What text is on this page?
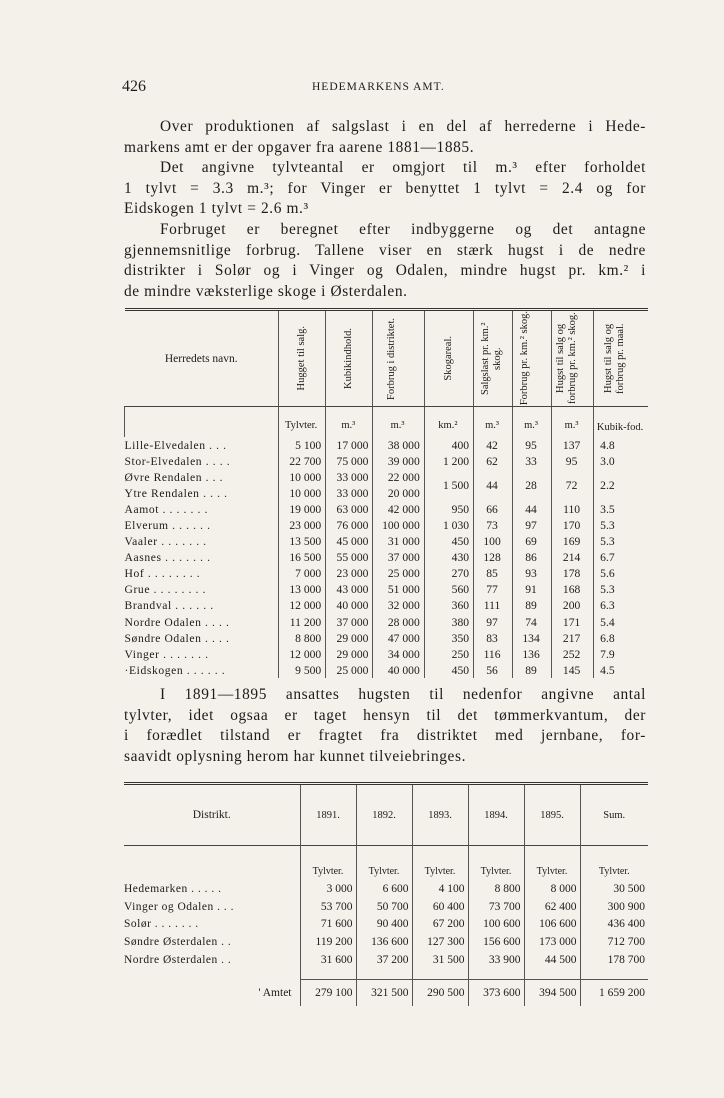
426	HEDEMARKENS AMT.
Over produktionen af salgslast i en del af herrederne i Hede-
markens amt er der opgaver fra aarene 1881—1885.
Det angivne tylvteantal er omgjort til m.³ efter forholdet
1 tylvt = 3.3 m.³; for Vinger er benyttet 1 tylvt = 2.4 og for
Eidskogen 1 tylvt = 2.6 m.³
Forbruget er beregnet efter indbyggerne og det antagne
gjennemsnitlige forbrug. Tallene viser en stærk hugst i de nedre
distrikter i Solør og i Vinger og Odalen, mindre hugst pr. km.² i
de mindre væksterlige skoge i Østerdalen.
Herredets navn.	Hugget til salg.	Kubikindhold.	Forbrug i distriktet.	Skogareal.	Salgslast pr. km.² skog.	Forbrug pr. km.² skog.	Hugst til salg og forbrug pr. km.² skog.	Hugst til salg og forbrug pr. maal.

	Tylvter.	m.³	m.³	km.²	m.³	m.³	m.³	Kubik-fod.
Lille-Elvedalen . . .	5 100	17 000	38 000	400	42	95	137	4.8
Stor-Elvedalen . . . .	22 700	75 000	39 000	1 200	62	33	95	3.0
Øvre Rendalen . . .	10 000	33 000	22 000	1 500	44	28	72	2.2
Ytre Rendalen . . . .	10 000	33 000	20 000					
Aamot . . . . . . .	19 000	63 000	42 000	950	66	44	110	3.5
Elverum . . . . . .	23 000	76 000	100 000	1 030	73	97	170	5.3
Vaaler . . . . . . .	13 500	45 000	31 000	450	100	69	169	5.3
Aasnes . . . . . . .	16 500	55 000	37 000	430	128	86	214	6.7
Hof . . . . . . . .	7 000	23 000	25 000	270	85	93	178	5.6
Grue . . . . . . . .	13 000	43 000	51 000	560	77	91	168	5.3
Brandval . . . . . .	12 000	40 000	32 000	360	111	89	200	6.3
Nordre Odalen . . . .	11 200	37 000	28 000	380	97	74	171	5.4
Søndre Odalen . . . .	8 800	29 000	47 000	350	83	134	217	6.8
Vinger . . . . . . .	12 000	29 000	34 000	250	116	136	252	7.9
·Eidskogen . . . . . .	9 500	25 000	40 000	450	56	89	145	4.5
I 1891—1895 ansattes hugsten til nedenfor angivne antal
tylvter, idet ogsaa er taget hensyn til det tømmerkvantum, der
i forædlet tilstand er fragtet fra distriktet med jernbane, for-
saavidt oplysning herom har kunnet tilveiebringes.
Distrikt.	1891.	1892.	1893.	1894.	1895.	Sum.
	Tylvter.	Tylvter.	Tylvter.	Tylvter.	Tylvter.	Tylvter.
Hedemarken . . . . .	3 000	6 600	4 100	8 800	8 000	30 500
Vinger og Odalen . . .	53 700	50 700	60 400	73 700	62 400	300 900
Solør . . . . . . .	71 600	90 400	67 200	100 600	106 600	436 400
Søndre Østerdalen . .	119 200	136 600	127 300	156 600	173 000	712 700
Nordre Østerdalen . .	31 600	37 200	31 500	33 900	44 500	178 700

' Amtet	279 100	321 500	290 500	373 600	394 500	1 659 200
